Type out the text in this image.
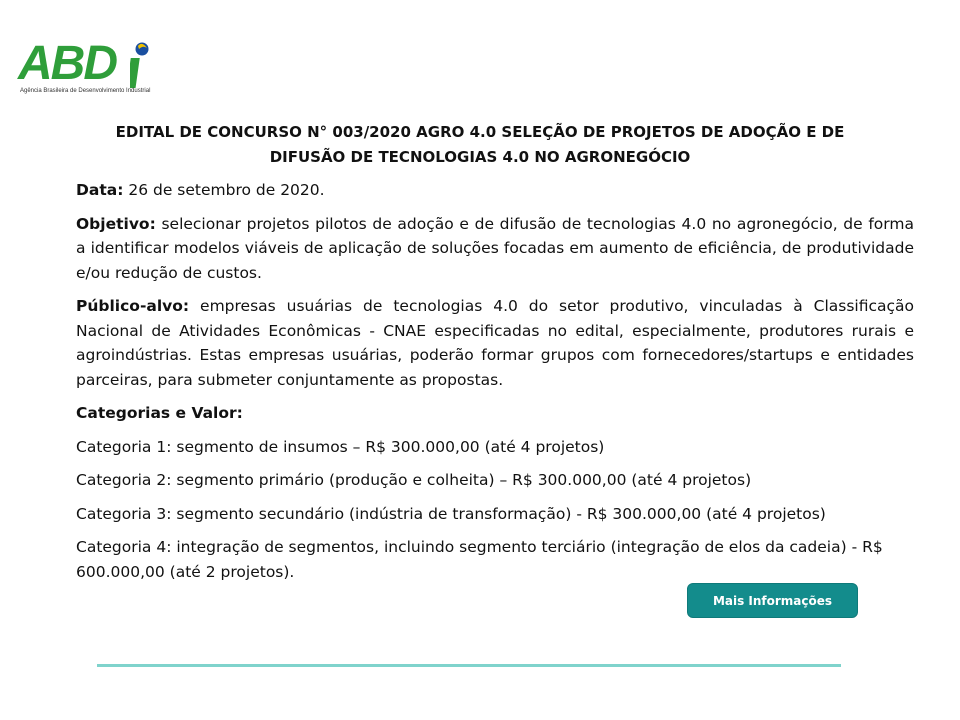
ABD
Agência Brasileira de Desenvolvimento Industrial
EDITAL DE CONCURSO N° 003/2020 AGRO 4.0 SELEÇÃO DE PROJETOS DE ADOÇÃO E DE DIFUSÃO DE TECNOLOGIAS 4.0 NO AGRONEGÓCIO

Data: 26 de setembro de 2020.

Objetivo: selecionar projetos pilotos de adoção e de difusão de tecnologias 4.0 no agronegócio, de forma a identificar modelos viáveis de aplicação de soluções focadas em aumento de eficiência, de produtividade e/ou redução de custos.

Público-alvo: empresas usuárias de tecnologias 4.0 do setor produtivo, vinculadas à Classificação Nacional de Atividades Econômicas - CNAE especificadas no edital, especialmente, produtores rurais e agroindústrias. Estas empresas usuárias, poderão formar grupos com fornecedores/startups e entidades parceiras, para submeter conjuntamente as propostas.

Categorias e Valor:

Categoria 1: segmento de insumos – R$ 300.000,00 (até 4 projetos)

Categoria 2: segmento primário (produção e colheita) – R$ 300.000,00 (até 4 projetos)

Categoria 3: segmento secundário (indústria de transformação) - R$ 300.000,00 (até 4 projetos)

Categoria 4: integração de segmentos, incluindo segmento terciário (integração de elos da cadeia) - R$ 600.000,00 (até 2 projetos).

Mais Informações
